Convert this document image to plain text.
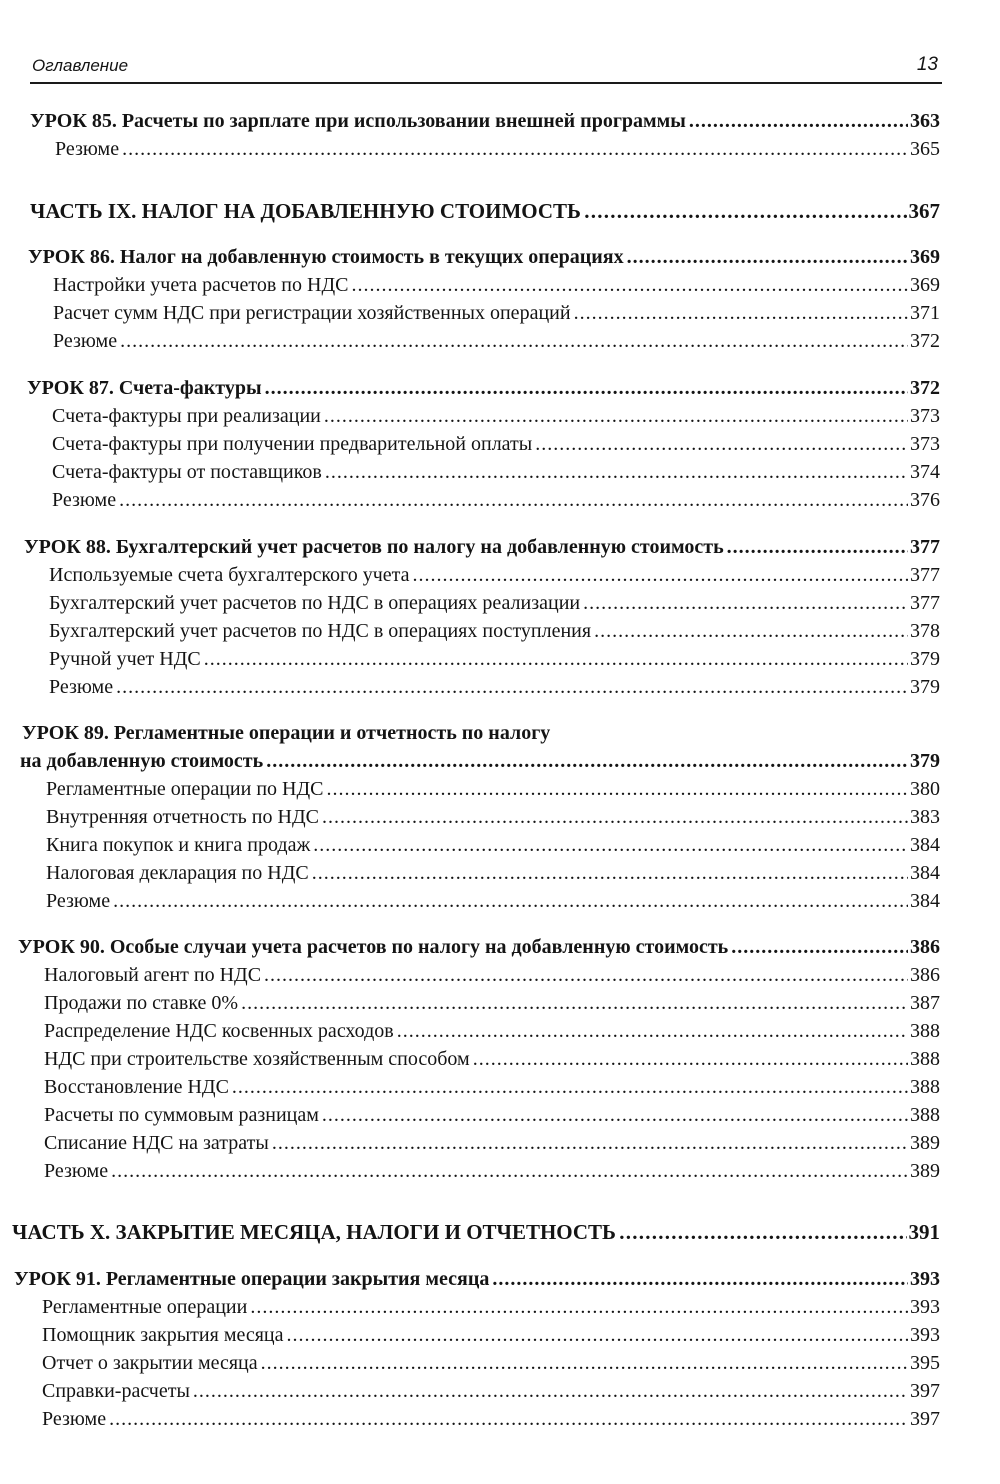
Оглавление	13
УРОК 85. Расчеты по зарплате при использовании внешней программы . . .	363
Резюме . . .	365
ЧАСТЬ IX. НАЛОГ НА ДОБАВЛЕННУЮ СТОИМОСТЬ . . .	367
УРОК 86. Налог на добавленную стоимость в текущих операциях . . .	369
Настройки учета расчетов по НДС . . .	369
Расчет сумм НДС при регистрации хозяйственных операций . . .	371
Резюме . . .	372
УРОК 87. Счета-фактуры . . .	372
Счета-фактуры при реализации . . .	373
Счета-фактуры при получении предварительной оплаты . . .	373
Счета-фактуры от поставщиков . . .	374
Резюме . . .	376
УРОК 88. Бухгалтерский учет расчетов по налогу на добавленную стоимость . . .	377
Используемые счета бухгалтерского учета . . .	377
Бухгалтерский учет расчетов по НДС в операциях реализации . . .	377
Бухгалтерский учет расчетов по НДС в операциях поступления . . .	378
Ручной учет НДС . . .	379
Резюме . . .	379
УРОК 89. Регламентные операции и отчетность по налогу
на добавленную стоимость . . .	379
Регламентные операции по НДС . . .	380
Внутренняя отчетность по НДС . . .	383
Книга покупок и книга продаж . . .	384
Налоговая декларация по НДС . . .	384
Резюме . . .	384
УРОК 90. Особые случаи учета расчетов по налогу на добавленную стоимость . . .	386
Налоговый агент по НДС . . .	386
Продажи по ставке 0% . . .	387
Распределение НДС косвенных расходов . . .	388
НДС при строительстве хозяйственным способом . . .	388
Восстановление НДС . . .	388
Расчеты по суммовым разницам . . .	388
Списание НДС на затраты . . .	389
Резюме . . .	389
ЧАСТЬ X. ЗАКРЫТИЕ МЕСЯЦА, НАЛОГИ И ОТЧЕТНОСТЬ . . .	391
УРОК 91. Регламентные операции закрытия месяца . . .	393
Регламентные операции . . .	393
Помощник закрытия месяца . . .	393
Отчет о закрытии месяца . . .	395
Справки-расчеты . . .	397
Резюме . . .	397
